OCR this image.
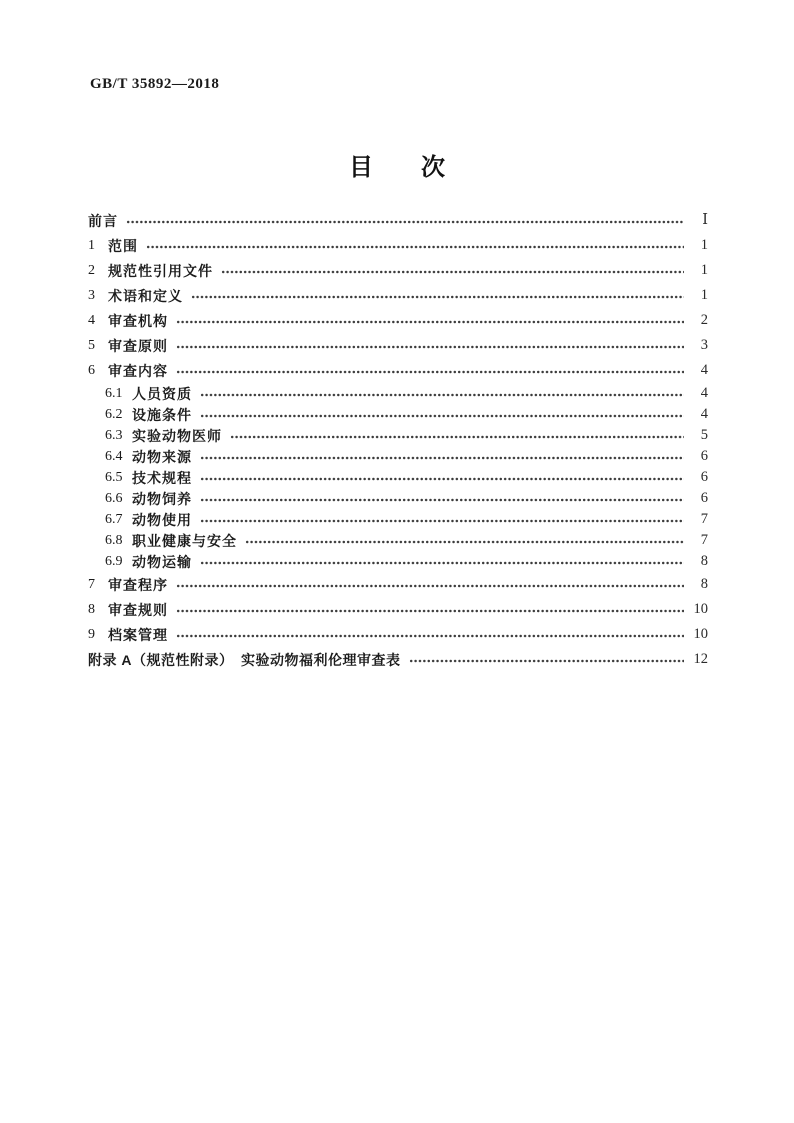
GB/T 35892—2018
目　　次
前言	Ⅰ
1 范围	1
2 规范性引用文件	1
3 术语和定义	1
4 审查机构	2
5 审查原则	3
6 审查内容	4
6.1 人员资质	4
6.2 设施条件	4
6.3 实验动物医师	5
6.4 动物来源	6
6.5 技术规程	6
6.6 动物饲养	6
6.7 动物使用	7
6.8 职业健康与安全	7
6.9 动物运输	8
7 审查程序	8
8 审查规则	10
9 档案管理	10
附录 A（规范性附录）　实验动物福利伦理审查表	12
